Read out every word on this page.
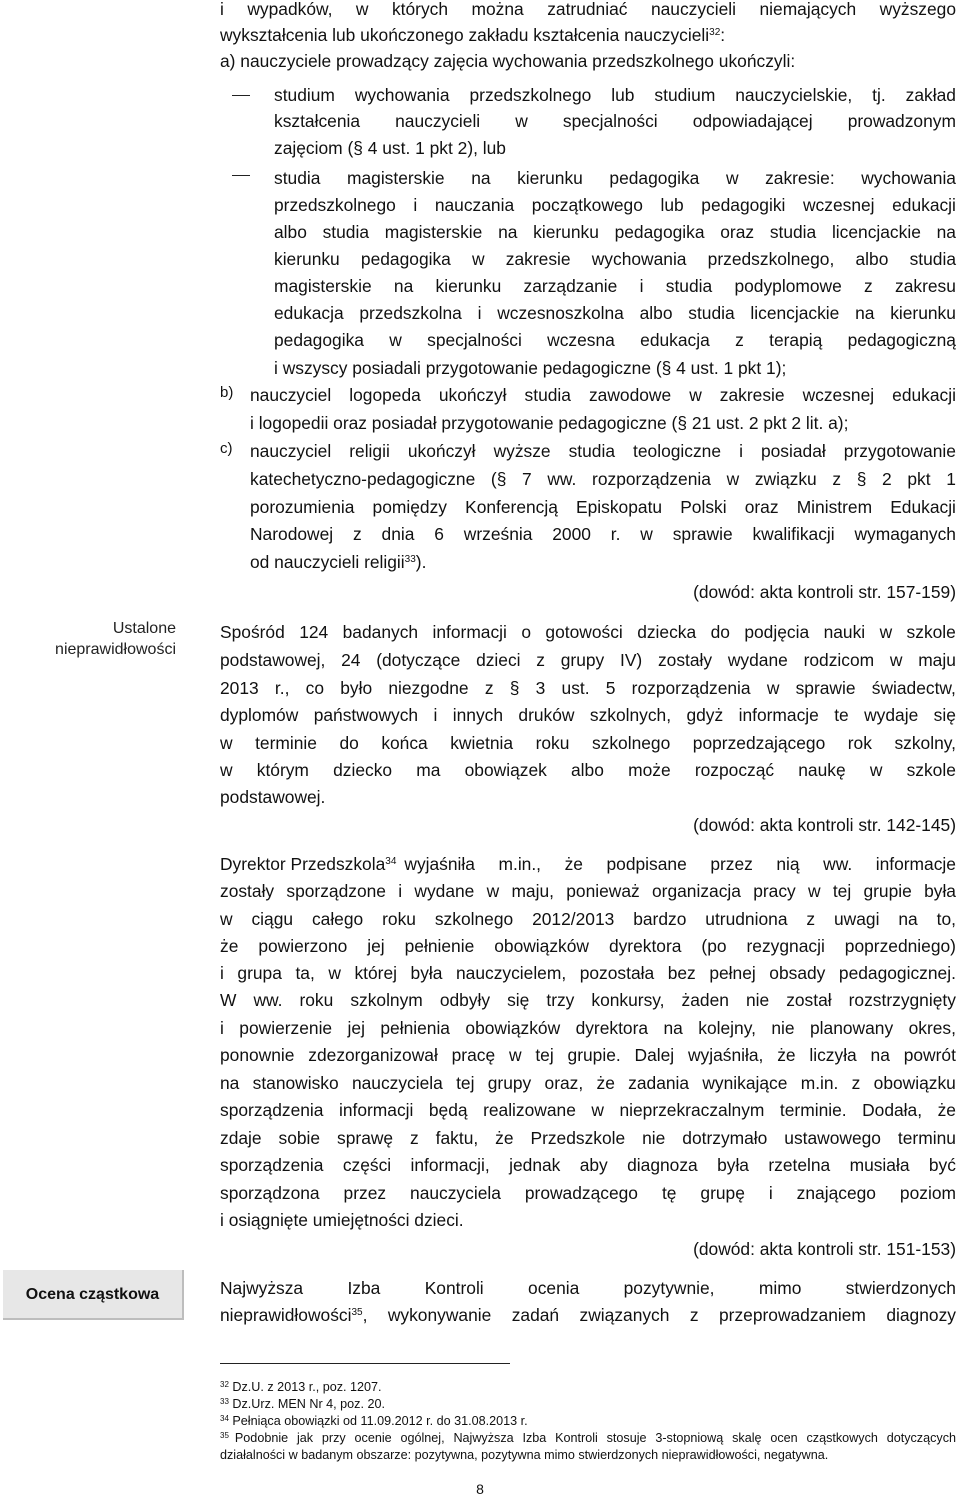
Ustalone
nieprawidłowości
Ocena cząstkowa
i wypadków, w których można zatrudniać nauczycieli niemających wyższego
wykształcenia lub ukończonego zakładu kształcenia nauczycieli$^{32}$:
a) nauczyciele prowadzący zajęcia wychowania przedszkolnego ukończyli:
studium wychowania przedszkolnego lub studium nauczycielskie, tj. zakład
kształcenia nauczycieli w specjalności odpowiadającej prowadzonym
zajęciom (§ 4 ust. 1 pkt 2), lub
studia magisterskie na kierunku pedagogika w zakresie: wychowania
przedszkolnego i nauczania początkowego lub pedagogiki wczesnej edukacji
albo studia magisterskie na kierunku pedagogika oraz studia licencjackie na
kierunku pedagogika w zakresie wychowania przedszkolnego, albo studia
magisterskie na kierunku zarządzanie i studia podyplomowe z zakresu
edukacja przedszkolna i wczesnoszkolna albo studia licencjackie na kierunku
pedagogika w specjalności wczesna edukacja z terapią pedagogiczną
i wszyscy posiadali przygotowanie pedagogiczne (§ 4 ust. 1 pkt 1);
b) nauczyciel logopeda ukończył studia zawodowe w zakresie wczesnej edukacji
i logopedii oraz posiadał przygotowanie pedagogiczne (§ 21 ust. 2 pkt 2 lit. a);
c) nauczyciel religii ukończył wyższe studia teologiczne i posiadał przygotowanie
katechetyczno-pedagogiczne (§ 7 ww. rozporządzenia w związku z § 2 pkt 1
porozumienia pomiędzy Konferencją Episkopatu Polski oraz Ministrem Edukacji
Narodowej z dnia 6 września 2000 r. w sprawie kwalifikacji wymaganych
od nauczycieli religii$^{33}$).
(dowód: akta kontroli str. 157-159)
Spośród 124 badanych informacji o gotowości dziecka do podjęcia nauki w szkole
podstawowej, 24 (dotyczące dzieci z grupy IV) zostały wydane rodzicom w maju
2013 r., co było niezgodne z § 3 ust. 5 rozporządzenia w sprawie świadectw,
dyplomów państwowych i innych druków szkolnych, gdyż informacje te wydaje się
w terminie do końca kwietnia roku szkolnego poprzedzającego rok szkolny,
w którym dziecko ma obowiązek albo może rozpocząć naukę w szkole
podstawowej.
(dowód: akta kontroli str. 142-145)
Dyrektor Przedszkola$^{34}$ wyjaśniła m.in., że podpisane przez nią ww. informacje
zostały sporządzone i wydane w maju, ponieważ organizacja pracy w tej grupie była
w ciągu całego roku szkolnego 2012/2013 bardzo utrudniona z uwagi na to,
że powierzono jej pełnienie obowiązków dyrektora (po rezygnacji poprzedniego)
i grupa ta, w której była nauczycielem, pozostała bez pełnej obsady pedagogicznej.
W ww. roku szkolnym odbyły się trzy konkursy, żaden nie został rozstrzygnięty
i powierzenie jej pełnienia obowiązków dyrektora na kolejny, nie planowany okres,
ponownie zdezorganizował pracę w tej grupie. Dalej wyjaśniła, że liczyła na powrót
na stanowisko nauczyciela tej grupy oraz, że zadania wynikające m.in. z obowiązku
sporządzenia informacji będą realizowane w nieprzekraczalnym terminie. Dodała, że
zdaje sobie sprawę z faktu, że Przedszkole nie dotrzymało ustawowego terminu
sporządzenia części informacji, jednak aby diagnoza była rzetelna musiała być
sporządzona przez nauczyciela prowadzącego tę grupę i znającego poziom
i osiągnięte umiejętności dzieci.
(dowód: akta kontroli str. 151-153)
Najwyższa	Izba	Kontroli	ocenia	pozytywnie,	mimo	stwierdzonych
nieprawidłowości$^{35}$ , wykonywanie zadań związanych z przeprowadzaniem diagnozy
$^{32}$ Dz.U. z 2013 r., poz. 1207.
$^{33}$ Dz.Urz. MEN Nr 4, poz. 20.
$^{34}$ Pełniąca obowiązki od 11.09.2012 r. do 31.08.2013 r.
$^{35}$ Podobnie jak przy ocenie ogólnej, Najwyższa Izba Kontroli stosuje 3-stopniową skalę ocen cząstkowych dotyczących
działalności w badanym obszarze: pozytywna, pozytywna mimo stwierdzonych nieprawidłowości, negatywna.
8
